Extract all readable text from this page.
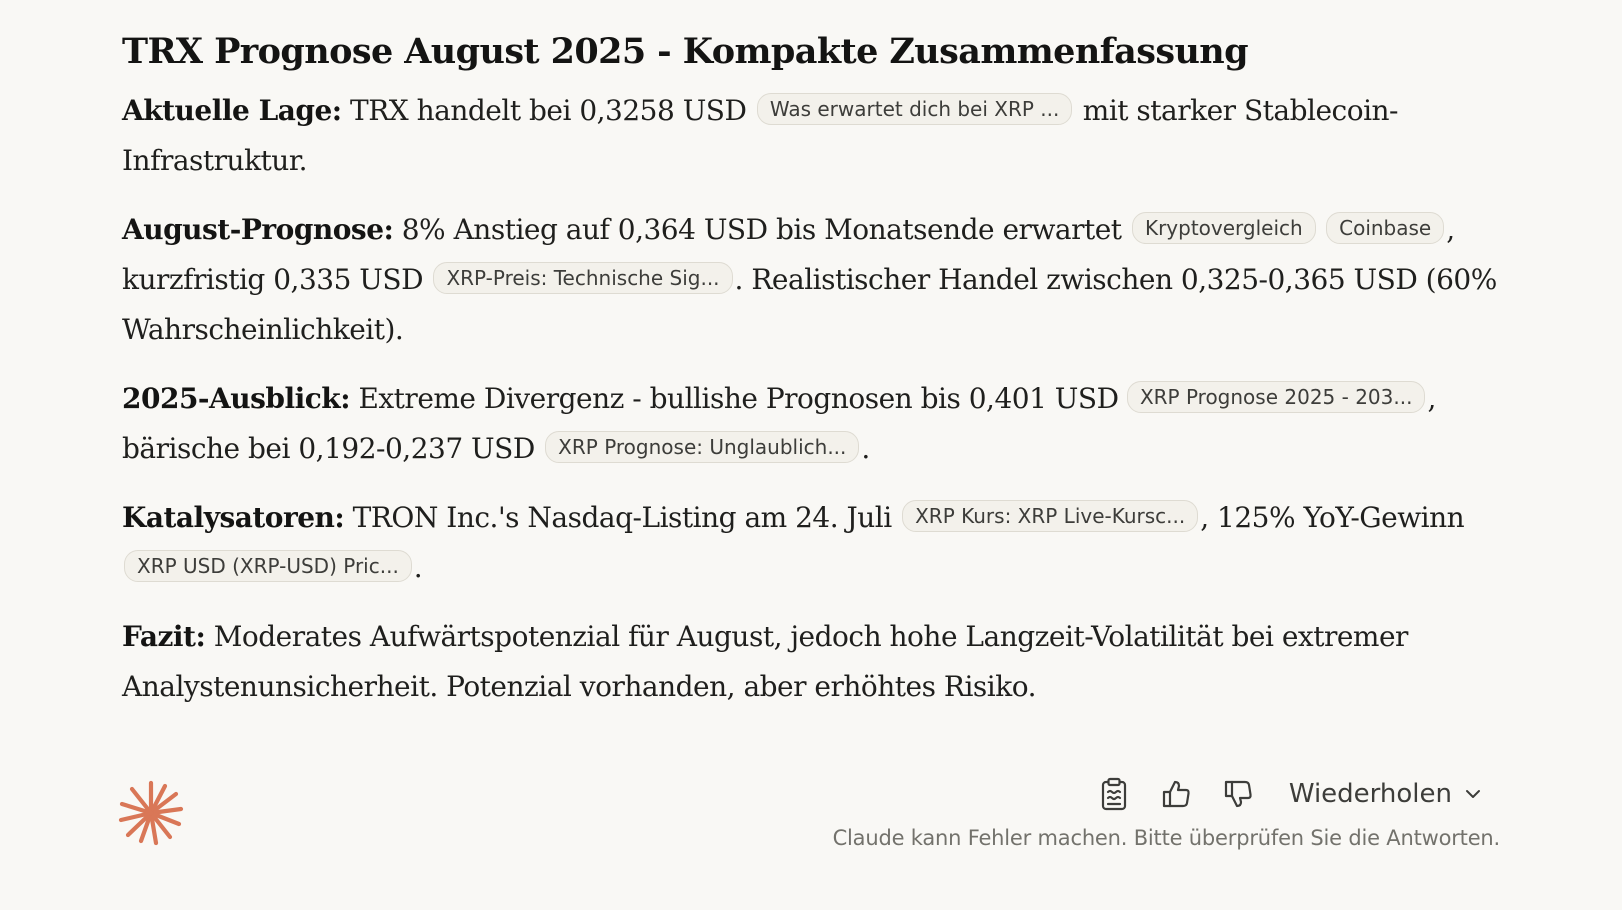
TRX Prognose August 2025 - Kompakte Zusammenfassung

Aktuelle Lage: TRX handelt bei 0,3258 USD Was erwartet dich bei XRP ... mit starker Stablecoin-Infrastruktur.

August-Prognose: 8% Anstieg auf 0,364 USD bis Monatsende erwartet Kryptovergleich Coinbase , kurzfristig 0,335 USD XRP-Preis: Technische Sig... . Realistischer Handel zwischen 0,325-0,365 USD (60% Wahrscheinlichkeit).

2025-Ausblick: Extreme Divergenz - bullishe Prognosen bis 0,401 USD XRP Prognose 2025 - 203... , bärische bei 0,192-0,237 USD XRP Prognose: Unglaublich... .

Katalysatoren: TRON Inc.'s Nasdaq-Listing am 24. Juli XRP Kurs: XRP Live-Kursc... , 125% YoY-Gewinn XRP USD (XRP-USD) Pric... .

Fazit: Moderates Aufwärtspotenzial für August, jedoch hohe Langzeit-Volatilität bei extremer Analystenunsicherheit. Potenzial vorhanden, aber erhöhtes Risiko.

Wiederholen
Claude kann Fehler machen. Bitte überprüfen Sie die Antworten.
